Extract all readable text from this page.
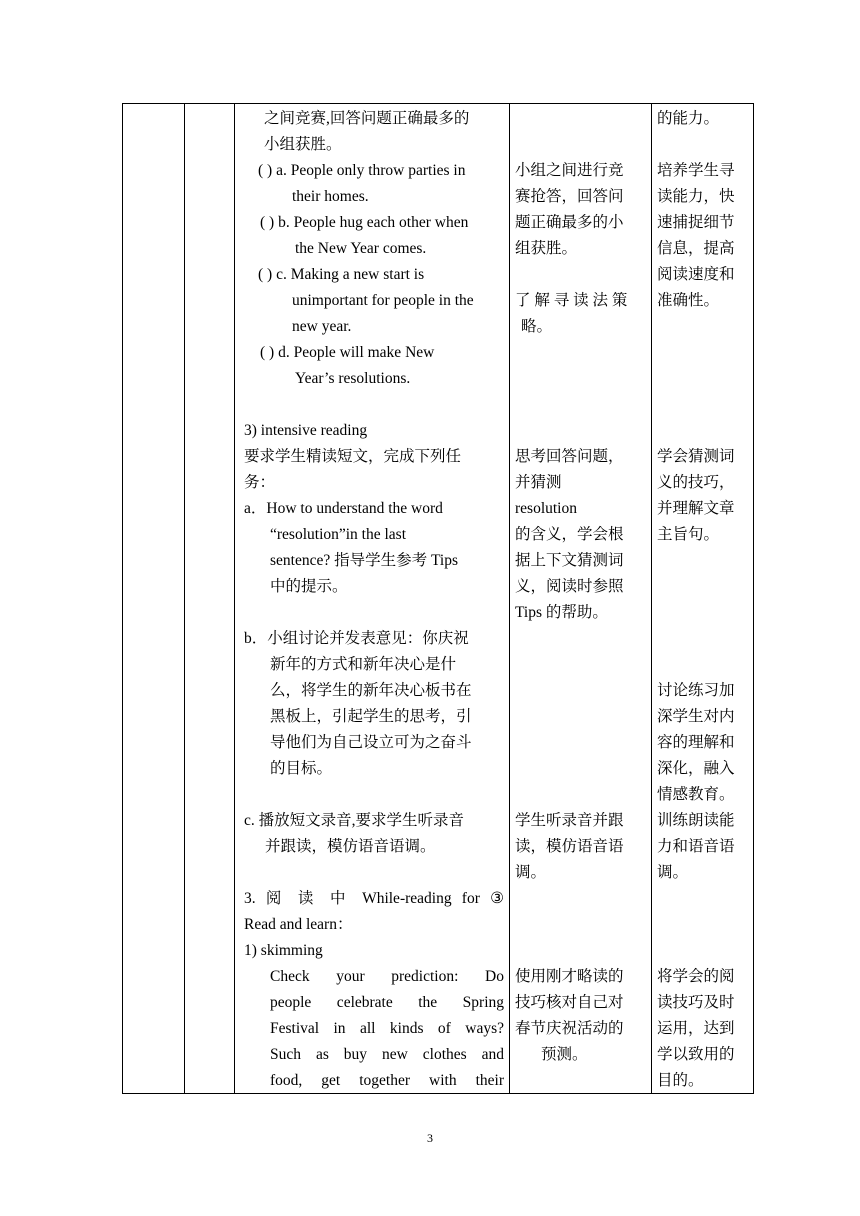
之间竞赛,回答问题正确最多的
小组获胜。
( ) a. People only throw parties in
their homes.
( ) b. People hug each other when
the New Year comes.
( ) c. Making a new start is
unimportant for people in the
new year.
( ) d. People will make New
Year’s resolutions.
3) intensive reading
要求学生精读短文，完成下列任
务：
a．How to understand the word
“resolution”in the last
sentence? 指导学生参考 Tips
中的提示。
b．小组讨论并发表意见：你庆祝
新年的方式和新年决心是什
么，将学生的新年决心板书在
黑板上，引起学生的思考，引
导他们为自己设立可为之奋斗
的目标。
c. 播放短文录音,要求学生听录音
并跟读，模仿语音语调。
3. 阅 读 中 While-reading for ③
Read and learn：
1) skimming
Check your prediction: Do
people celebrate the Spring
Festival in all kinds of ways?
Such as buy new clothes and
food, get together with their
小组之间进行竞
赛抢答，回答问
题正确最多的小
组获胜。
了 解 寻 读 法 策
略。
思考回答问题，
并猜测
resolution
的含义，学会根
据上下文猜测词
义，阅读时参照
Tips 的帮助。
学生听录音并跟
读，模仿语音语
调。
使用刚才略读的
技巧核对自己对
春节庆祝活动的
预测。
的能力。
培养学生寻
读能力，快
速捕捉细节
信息，提高
阅读速度和
准确性。
学会猜测词
义的技巧，
并理解文章
主旨句。
讨论练习加
深学生对内
容的理解和
深化，融入
情感教育。
训练朗读能
力和语音语
调。
将学会的阅
读技巧及时
运用，达到
学以致用的
目的。
3
